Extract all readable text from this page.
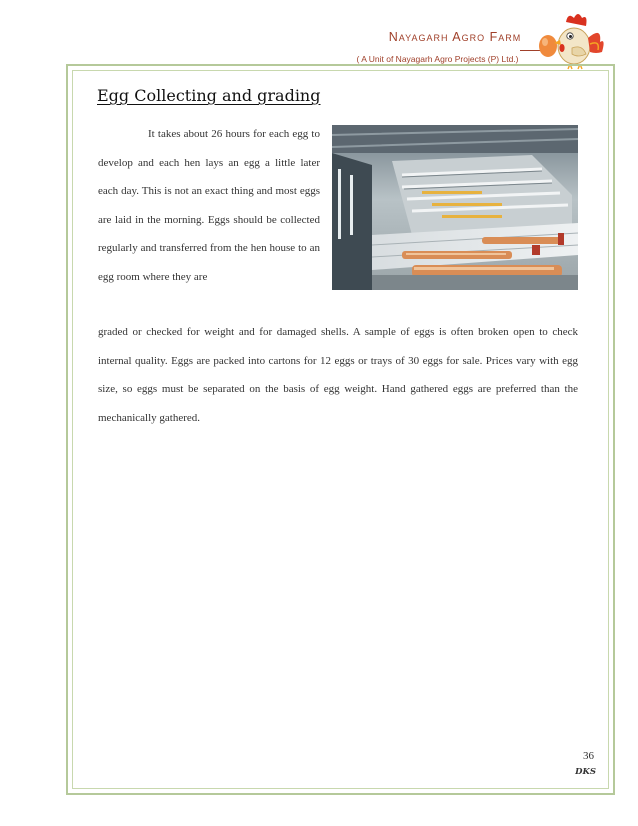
Nayagarh Agro Farm
( A Unit of Nayagarh Agro Projects (P) Ltd.)
Egg Collecting and grading
It takes about 26 hours for each egg to develop and each hen lays an egg a little later each day. This is not an exact thing and most eggs are laid in the morning. Eggs should be collected regularly and transferred from the hen house to an egg room where they are
graded or checked for weight and for damaged shells. A sample of eggs is often broken open to check internal quality. Eggs are packed into cartons for 12 eggs or trays of 30 eggs for sale. Prices vary with egg size, so eggs must be separated on the basis of egg weight. Hand gathered eggs are preferred than the mechanically gathered.
36
DKS
